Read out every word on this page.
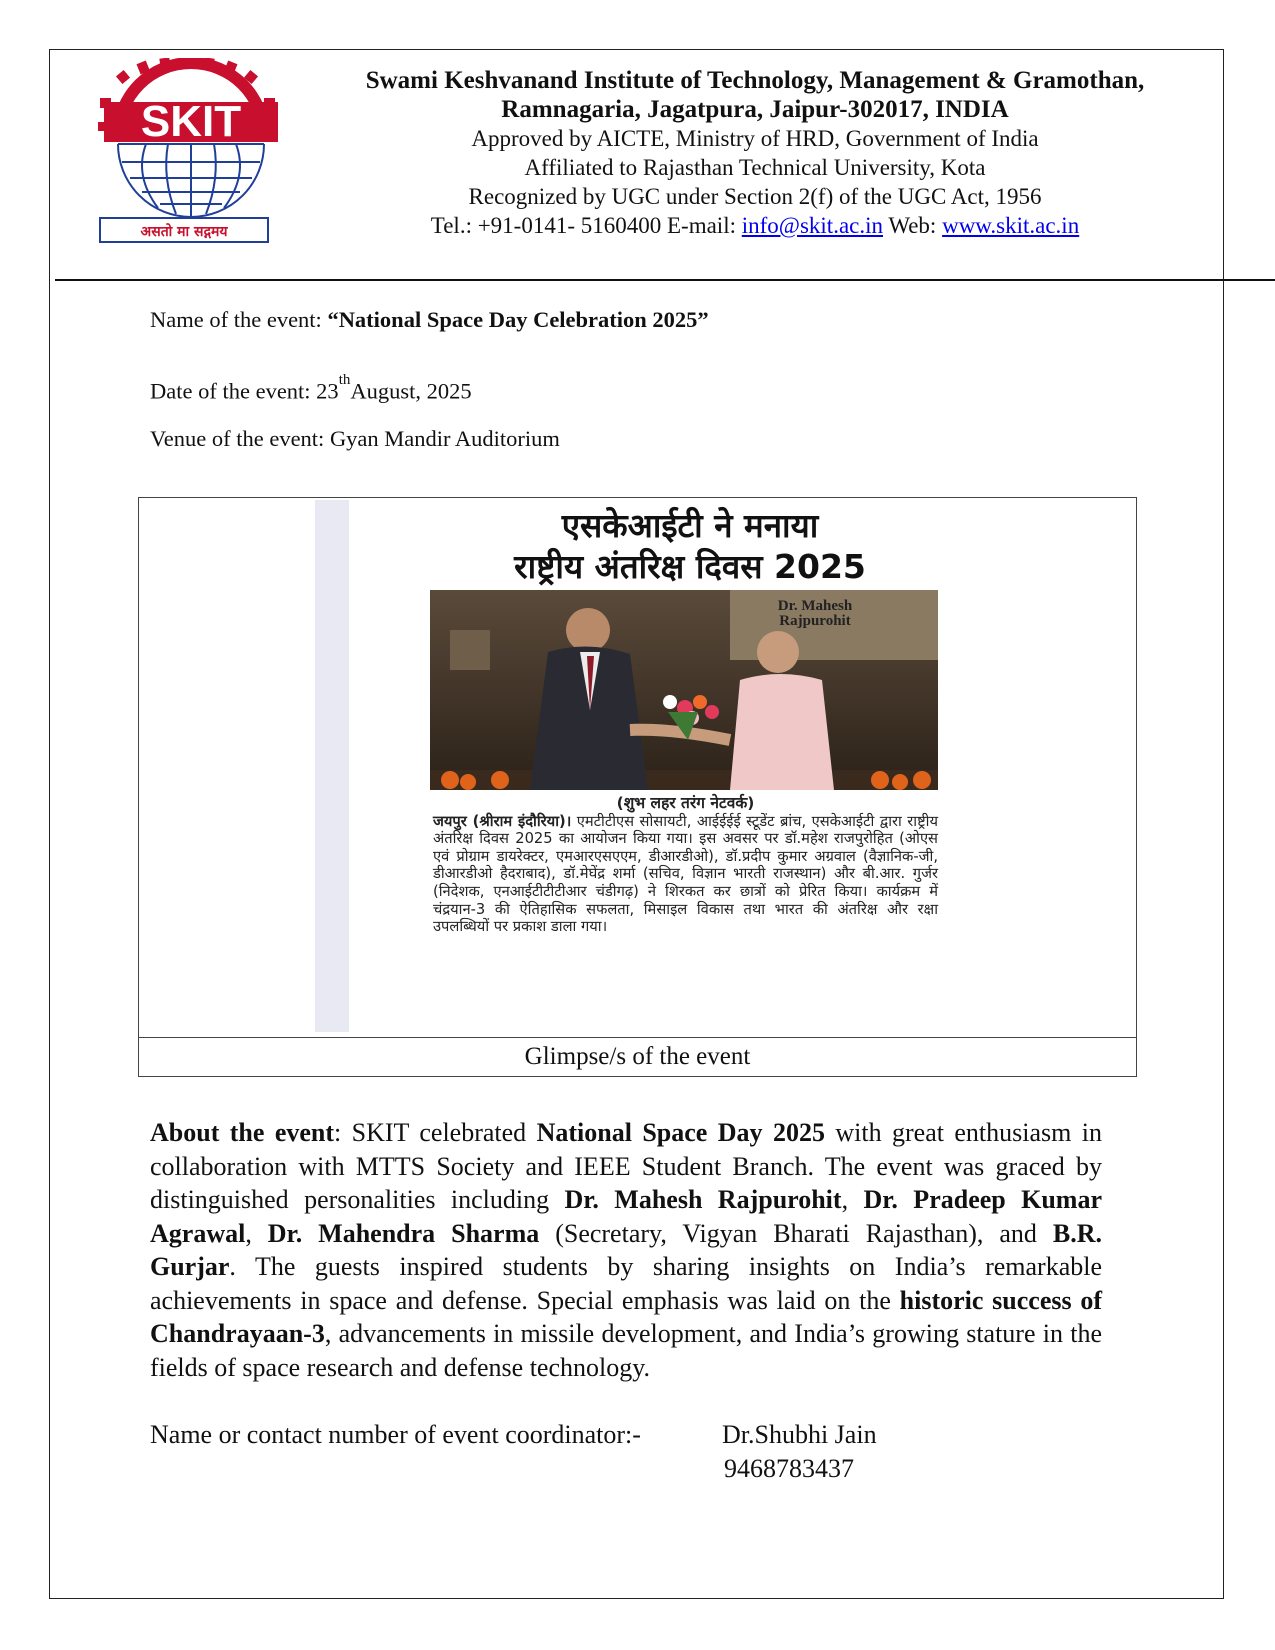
SKIT
असतो मा सद्गमय
Swami Keshvanand Institute of Technology, Management & Gramothan,
Ramnagaria, Jagatpura, Jaipur-302017, INDIA
Approved by AICTE, Ministry of HRD, Government of India
Affiliated to Rajasthan Technical University, Kota
Recognized by UGC under Section 2(f) of the UGC Act, 1956
Tel.: +91-0141- 5160400 E-mail: info@skit.ac.in Web: www.skit.ac.in
Name of the event: “National Space Day Celebration 2025”
Date of the event: 23thAugust, 2025
Venue of the event: Gyan Mandir Auditorium
एसकेआईटी ने मनाया
राष्ट्रीय अंतरिक्ष दिवस 2025
Dr. Mahesh
Rajpurohit
(शुभ लहर तरंग नेटवर्क)
जयपुर (श्रीराम इंदौरिया)। एमटीटीएस सोसायटी, आईईईई स्टूडेंट ब्रांच, एसकेआईटी द्वारा राष्ट्रीय अंतरिक्ष दिवस 2025 का आयोजन किया गया। इस अवसर पर डॉ.महेश राजपुरोहित (ओएस एवं प्रोग्राम डायरेक्टर, एमआरएसएएम, डीआरडीओ), डॉ.प्रदीप कुमार अग्रवाल (वैज्ञानिक-जी, डीआरडीओ हैदराबाद), डॉ.मेघेंद्र शर्मा (सचिव, विज्ञान भारती राजस्थान) और बी.आर. गुर्जर (निदेशक, एनआईटीटीटीआर चंडीगढ़) ने शिरकत कर छात्रों को प्रेरित किया। कार्यक्रम में चंद्रयान-3 की ऐतिहासिक सफलता, मिसाइल विकास तथा भारत की अंतरिक्ष और रक्षा उपलब्धियों पर प्रकाश डाला गया।
Glimpse/s of the event
About the event: SKIT celebrated National Space Day 2025 with great enthusiasm in collaboration with MTTS Society and IEEE Student Branch. The event was graced by distinguished personalities including Dr. Mahesh Rajpurohit, Dr. Pradeep Kumar Agrawal, Dr. Mahendra Sharma (Secretary, Vigyan Bharati Rajasthan), and B.R. Gurjar. The guests inspired students by sharing insights on India’s remarkable achievements in space and defense. Special emphasis was laid on the historic success of Chandrayaan-3, advancements in missile development, and India’s growing stature in the fields of space research and defense technology.
Name or contact number of event coordinator:-	Dr.Shubhi Jain
9468783437
